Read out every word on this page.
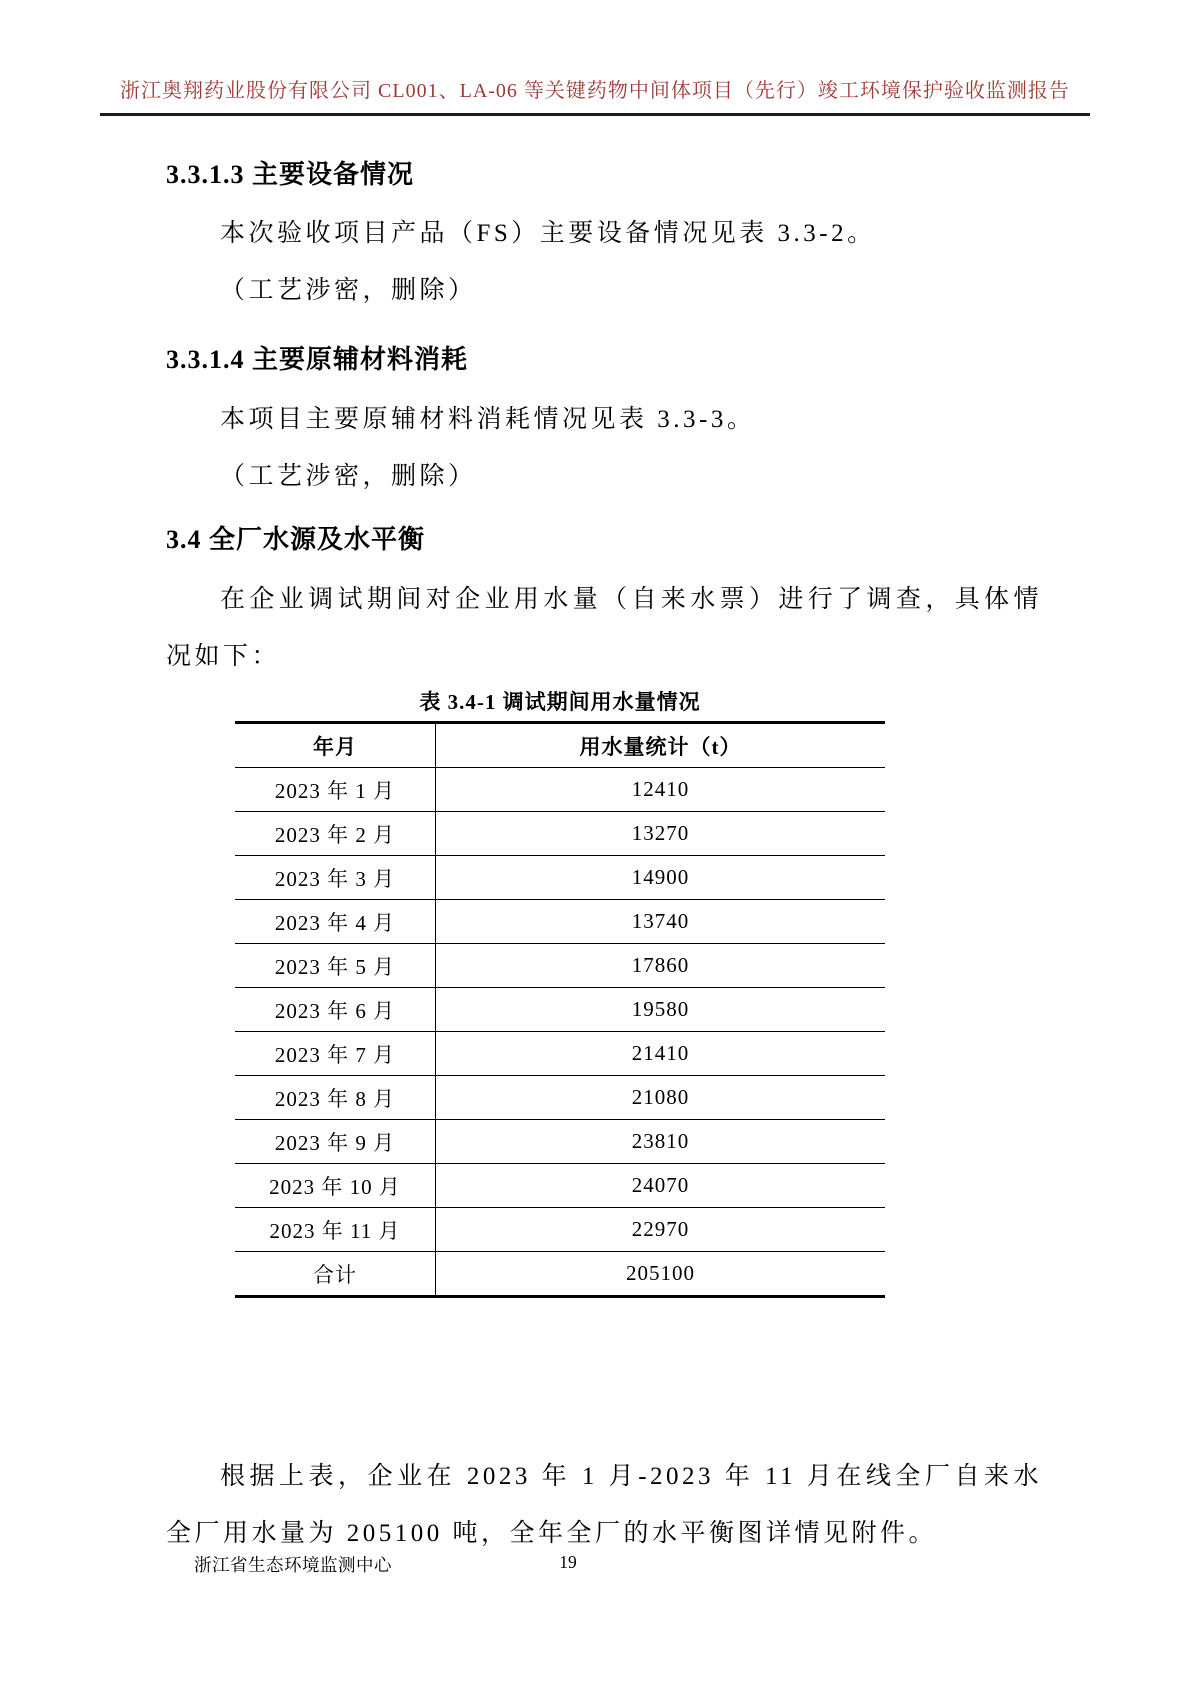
浙江奥翔药业股份有限公司 CL001、LA-06 等关键药物中间体项目（先行）竣工环境保护验收监测报告
3.3.1.3 主要设备情况

本次验收项目产品（FS）主要设备情况见表 3.3-2。

（工艺涉密，删除）

3.3.1.4 主要原辅材料消耗

本项目主要原辅材料消耗情况见表 3.3-3。

（工艺涉密，删除）

3.4 全厂水源及水平衡

在企业调试期间对企业用水量（自来水票）进行了调查，具体情况如下：

表 3.4-1 调试期间用水量情况
年月	用水量统计（t）
2023 年 1 月	12410
2023 年 2 月	13270
2023 年 3 月	14900
2023 年 4 月	13740
2023 年 5 月	17860
2023 年 6 月	19580
2023 年 7 月	21410
2023 年 8 月	21080
2023 年 9 月	23810
2023 年 10 月	24070
2023 年 11 月	22970
合计	205100

根据上表，企业在 2023 年 1 月-2023 年 11 月在线全厂自来水全厂用水量为 205100 吨，全年全厂的水平衡图详情见附件。

浙江省生态环境监测中心	19
